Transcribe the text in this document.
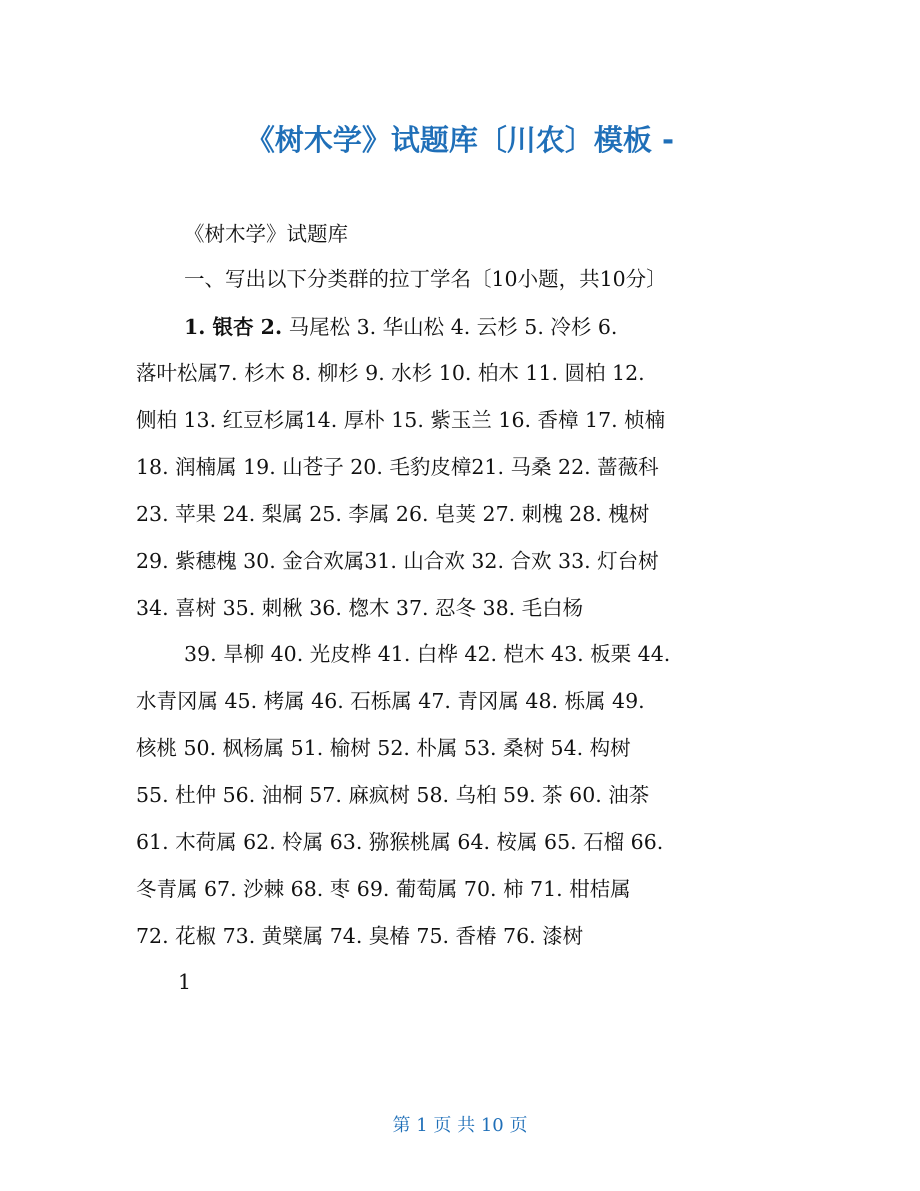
《树木学》试题库〔川农〕模板 -

《树木学》试题库

一、写出以下分类群的拉丁学名〔10小题，共10分〕

1. 银杏 2. 马尾松 3. 华山松 4. 云杉 5. 冷杉 6.

落叶松属7. 杉木 8. 柳杉 9. 水杉 10. 柏木 11. 圆柏 12.

侧柏 13. 红豆杉属14. 厚朴 15. 紫玉兰 16. 香樟 17. 桢楠

18. 润楠属 19. 山苍子 20. 毛豹皮樟21. 马桑 22. 蔷薇科

23. 苹果 24. 梨属 25. 李属 26. 皂荚 27. 刺槐 28. 槐树

29. 紫穗槐 30. 金合欢属31. 山合欢 32. 合欢 33. 灯台树

34. 喜树 35. 刺楸 36. 楤木 37. 忍冬 38. 毛白杨

39. 旱柳 40. 光皮桦 41. 白桦 42. 桤木 43. 板栗 44.

水青冈属 45. 栲属 46. 石栎属 47. 青冈属 48. 栎属 49.

核桃 50. 枫杨属 51. 榆树 52. 朴属 53. 桑树 54. 构树

55. 杜仲 56. 油桐 57. 麻疯树 58. 乌桕 59. 茶 60. 油茶

61. 木荷属 62. 柃属 63. 猕猴桃属 64. 桉属 65. 石榴 66.

冬青属 67. 沙棘 68. 枣 69. 葡萄属 70. 柿 71. 柑桔属

72. 花椒 73. 黄檗属 74. 臭椿 75. 香椿 76. 漆树

1

第 1 页 共 10 页
